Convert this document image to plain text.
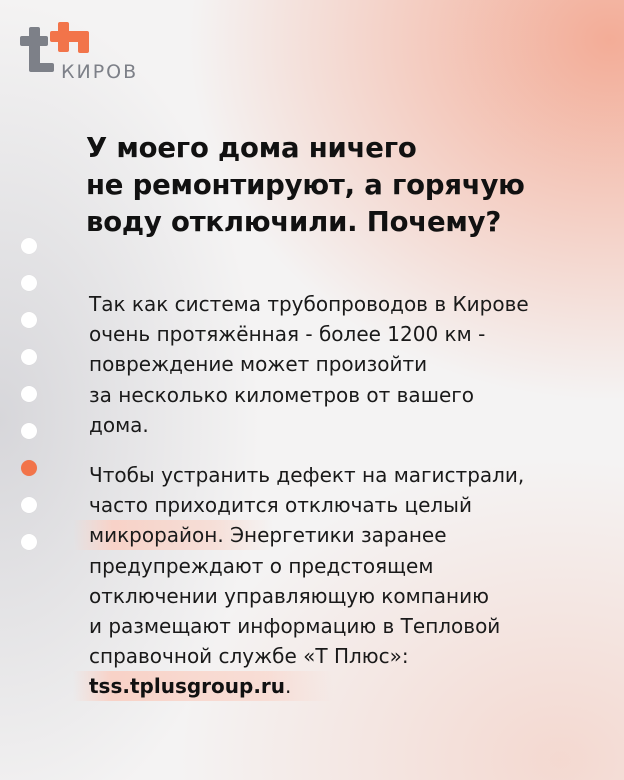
КИРОВ
У моего дома ничего
не ремонтируют, а горячую
воду отключили. Почему?

Так как система трубопроводов в Кирове
очень протяжённая - более 1200 км -
повреждение может произойти
за несколько километров от вашего
дома.

Чтобы устранить дефект на магистрали,
часто приходится отключать целый
микрорайон. Энергетики заранее
предупреждают о предстоящем
отключении управляющую компанию
и размещают информацию в Тепловой
справочной службе «Т Плюс»:
tss.tplusgroup.ru.
